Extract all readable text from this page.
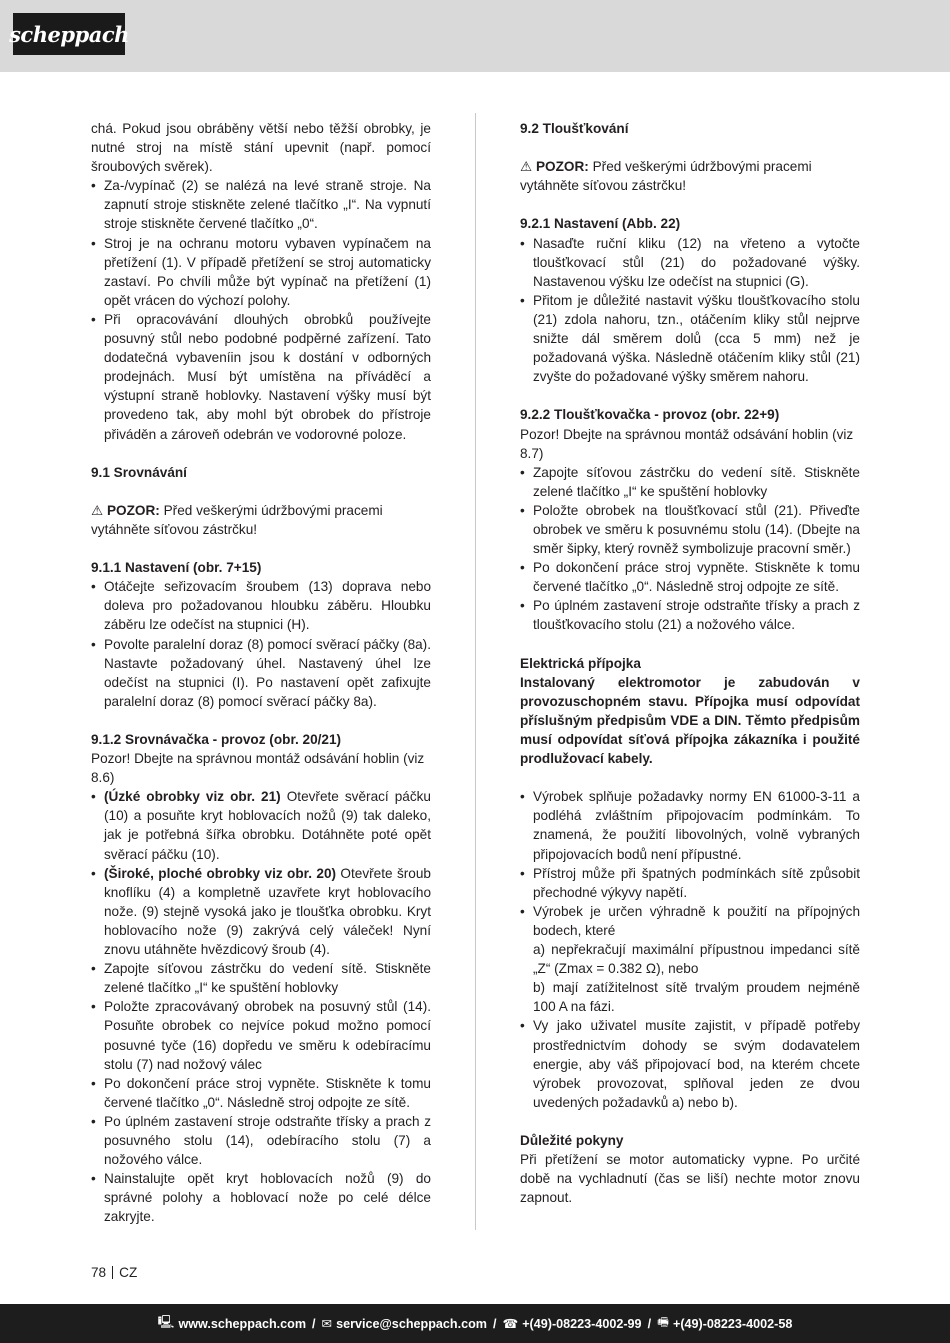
scheppach

chá. Pokud jsou obráběny větší nebo těžší obrobky, je nutné stroj na místě stání upevnit (např. pomocí šroubových svěrek).

• Za-/vypínač (2) se nalézá na levé straně stroje. Na zapnutí stroje stiskněte zelené tlačítko „I“. Na vypnutí stroje stiskněte červené tlačítko „0“.
• Stroj je na ochranu motoru vybaven vypínačem na přetížení (1). V případě přetížení se stroj automaticky zastaví. Po chvíli může být vypínač na přetížení (1) opět vrácen do výchozí polohy.
• Při opracovávání dlouhých obrobků používejte posuvný stůl nebo podobné podpěrné zařízení. Tato dodatečná vybaveníin jsou k dostání v odborných prodejnách. Musí být umístěna na příváděcí a výstupní straně hoblovky. Nastavení výšky musí být provedeno tak, aby mohl být obrobek do přístroje přiváděn a zároveň odebrán ve vodorovné poloze.

9.1 Srovnávání

⚠ POZOR: Před veškerými údržbovými pracemi vytáhněte síťovou zástrčku!

9.1.1 Nastavení (obr. 7+15)

• Otáčejte seřizovacím šroubem (13) doprava nebo doleva pro požadovanou hloubku záběru. Hloubku záběru lze odečíst na stupnici (H).
• Povolte paralelní doraz (8) pomocí svěrací páčky (8a). Nastavte požadovaný úhel. Nastavený úhel lze odečíst na stupnici (I). Po nastavení opět zafixujte paralelní doraz (8) pomocí svěrací páčky 8a).

9.1.2 Srovnávačka - provoz (obr. 20/21)

Pozor! Dbejte na správnou montáž odsávání hoblin (viz 8.6)

• (Úzké obrobky viz obr. 21) Otevřete svěrací páčku (10) a posuňte kryt hoblovacích nožů (9) tak daleko, jak je potřebná šířka obrobku. Dotáhněte poté opět svěrací páčku (10).
• (Široké, ploché obrobky viz obr. 20) Otevřete šroub knoflíku (4) a kompletně uzavřete kryt hoblovacího nože. (9) stejně vysoká jako je tloušťka obrobku. Kryt hoblovacího nože (9) zakrývá celý váleček! Nyní znovu utáhněte hvězdicový šroub (4).
• Zapojte síťovou zástrčku do vedení sítě. Stiskněte zelené tlačítko „I“ ke spuštění hoblovky
• Položte zpracovávaný obrobek na posuvný stůl (14). Posuňte obrobek co nejvíce pokud možno pomocí posuvné tyče (16) dopředu ve směru k odebíracímu stolu (7) nad nožový válec
• Po dokončení práce stroj vypněte. Stiskněte k tomu červené tlačítko „0“. Následně stroj odpojte ze sítě.
• Po úplném zastavení stroje odstraňte třísky a prach z posuvného stolu (14), odebíracího stolu (7) a nožového válce.
• Nainstalujte opět kryt hoblovacích nožů (9) do správné polohy a hoblovací nože po celé délce zakryjte.

9.2 Tloušťkování

⚠ POZOR: Před veškerými údržbovými pracemi vytáhněte síťovou zástrčku!

9.2.1 Nastavení (Abb. 22)

• Nasaďte ruční kliku (12) na vřeteno a vytočte tloušťkovací stůl (21) do požadované výšky. Nastavenou výšku lze odečíst na stupnici (G).
• Přitom je důležité nastavit výšku tloušťkovacího stolu (21) zdola nahoru, tzn., otáčením kliky stůl nejprve snižte dál směrem dolů (cca 5 mm) než je požadovaná výška. Následně otáčením kliky stůl (21) zvyšte do požadované výšky směrem nahoru.

9.2.2 Tloušťkovačka - provoz (obr. 22+9)

Pozor! Dbejte na správnou montáž odsávání hoblin (viz 8.7)

• Zapojte síťovou zástrčku do vedení sítě. Stiskněte zelené tlačítko „I“ ke spuštění hoblovky
• Položte obrobek na tloušťkovací stůl (21). Přiveďte obrobek ve směru k posuvnému stolu (14). (Dbejte na směr šipky, který rovněž symbolizuje pracovní směr.)
• Po dokončení práce stroj vypněte. Stiskněte k tomu červené tlačítko „0“. Následně stroj odpojte ze sítě.
• Po úplném zastavení stroje odstraňte třísky a prach z tloušťkovacího stolu (21) a nožového válce.

Elektrická přípojka

Instalovaný elektromotor je zabudován v provozuschopném stavu. Přípojka musí odpovídat příslušným předpisům VDE a DIN. Těmto předpisům musí odpovídat síťová přípojka zákazníka i použité prodlužovací kabely.

• Výrobek splňuje požadavky normy EN 61000-3-11 a podléhá zvláštním připojovacím podmínkám. To znamená, že použití libovolných, volně vybraných připojovacích bodů není přípustné.
• Přístroj může při špatných podmínkách sítě způsobit přechodné výkyvy napětí.
• Výrobek je určen výhradně k použití na přípojných bodech, které
a) nepřekračují maximální přípustnou impedanci sítě „Z“ (Zmax = 0.382 Ω), nebo
b) mají zatížitelnost sítě trvalým proudem nejméně 100 A na fázi.
• Vy jako uživatel musíte zajistit, v případě potřeby prostřednictvím dohody se svým dodavatelem energie, aby váš připojovací bod, na kterém chcete výrobek provozovat, splňoval jeden ze dvou uvedených požadavků a) nebo b).

Důležité pokyny

Při přetížení se motor automaticky vypne. Po určité době na vychladnutí (čas se liší) nechte motor znovu zapnout.

78 CZ
🖳 www.scheppach.com / ✉ service@scheppach.com / ☎ +(49)-08223-4002-99 / 🖷 +(49)-08223-4002-58
